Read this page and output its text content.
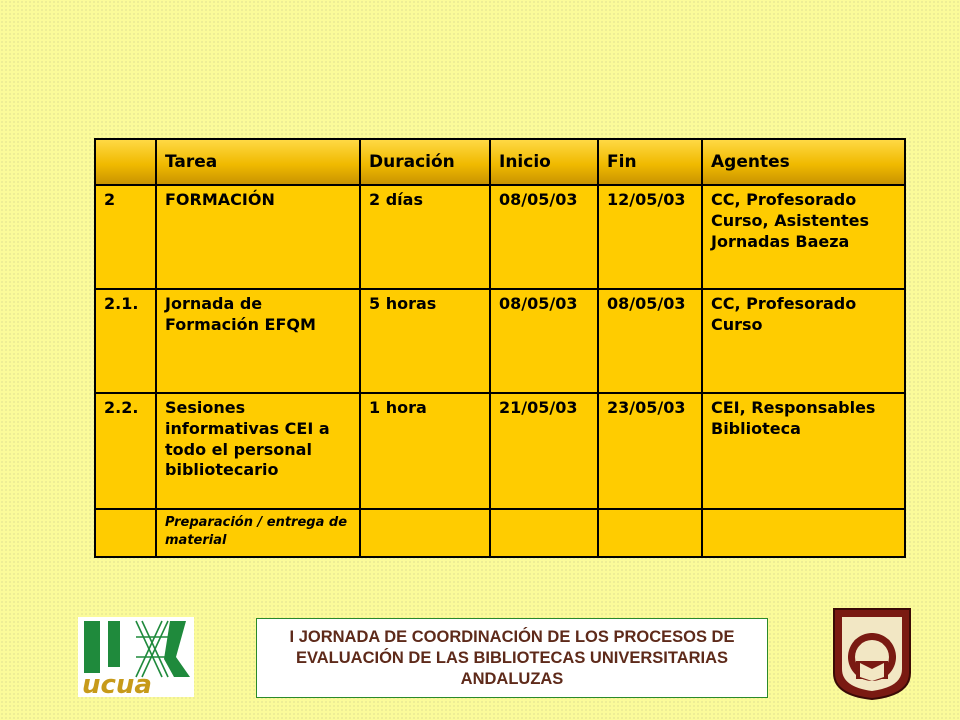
	Tarea	Duración	Inicio	Fin	Agentes
2	FORMACIÓN	2 días	08/05/03	12/05/03	CC, Profesorado Curso, Asistentes Jornadas Baeza
2.1.	Jornada de Formación EFQM	5 horas	08/05/03	08/05/03	CC, Profesorado Curso
2.2.	Sesiones informativas CEI a todo el personal bibliotecario	1 hora	21/05/03	23/05/03	CEI, Responsables Biblioteca
	Preparación / entrega de material				
ucua

I JORNADA DE COORDINACIÓN DE LOS PROCESOS DE EVALUACIÓN DE LAS BIBLIOTECAS UNIVERSITARIAS ANDALUZAS
